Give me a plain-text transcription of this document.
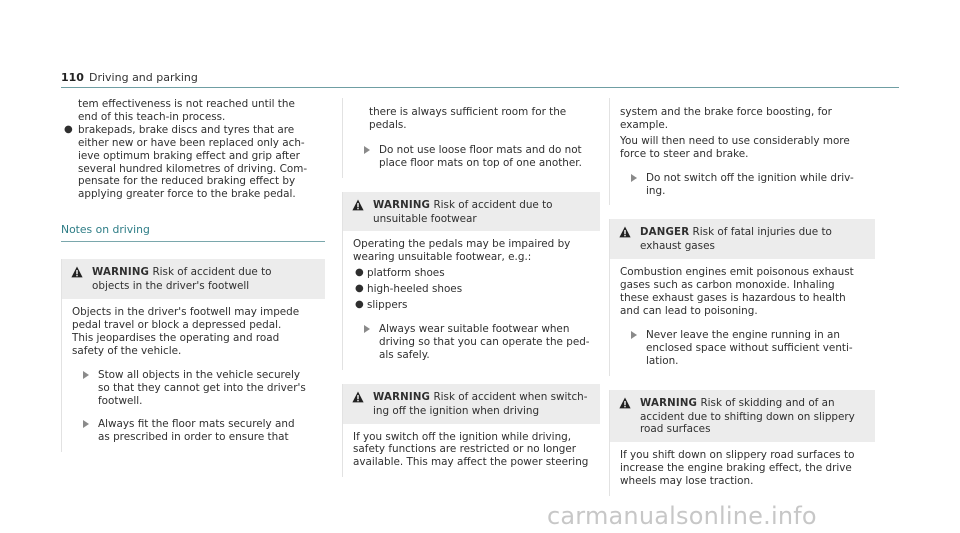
110 Driving and parking
tem effectiveness is not reached until the
end of this teach-in process.
● brakepads, brake discs and tyres that are
either new or have been replaced only ach-
ieve optimum braking effect and grip after
several hundred kilometres of driving. Com-
pensate for the reduced braking effect by
applying greater force to the brake pedal.
Notes on driving
WARNING Risk of accident due to
objects in the driver's footwell
Objects in the driver's footwell may impede
pedal travel or block a depressed pedal.
This jeopardises the operating and road
safety of the vehicle.
Stow all objects in the vehicle securely
so that they cannot get into the driver's
footwell.
Always fit the floor mats securely and
as prescribed in order to ensure that
there is always sufficient room for the
pedals.
Do not use loose floor mats and do not
place floor mats on top of one another.
WARNING Risk of accident due to
unsuitable footwear
Operating the pedals may be impaired by
wearing unsuitable footwear, e.g.:
● platform shoes
● high-heeled shoes
● slippers
Always wear suitable footwear when
driving so that you can operate the ped-
als safely.
WARNING Risk of accident when switch-
ing off the ignition when driving
If you switch off the ignition while driving,
safety functions are restricted or no longer
available. This may affect the power steering
system and the brake force boosting, for
example.
You will then need to use considerably more
force to steer and brake.
Do not switch off the ignition while driv-
ing.
DANGER Risk of fatal injuries due to
exhaust gases
Combustion engines emit poisonous exhaust
gases such as carbon monoxide. Inhaling
these exhaust gases is hazardous to health
and can lead to poisoning.
Never leave the engine running in an
enclosed space without sufficient venti-
lation.
WARNING Risk of skidding and of an
accident due to shifting down on slippery
road surfaces
If you shift down on slippery road surfaces to
increase the engine braking effect, the drive
wheels may lose traction.
carmanualsonline.info
